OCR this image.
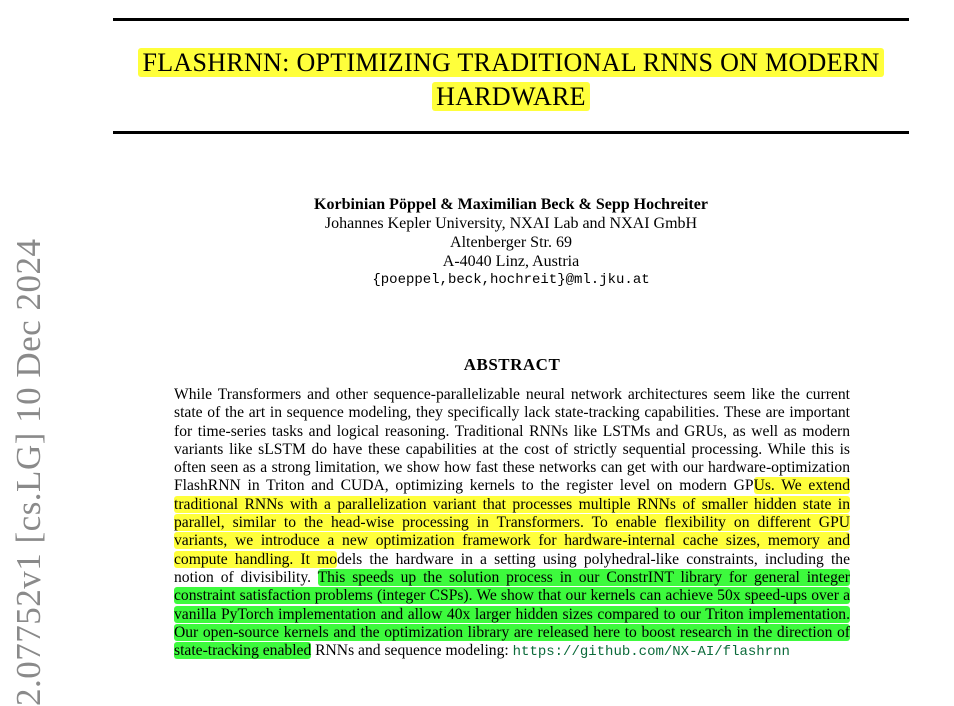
FLASHRNN: OPTIMIZING TRADITIONAL RNNS ON MODERN
HARDWARE
2.07752v1 [cs.LG] 10 Dec 2024
Korbinian Pöppel & Maximilian Beck & Sepp Hochreiter
Johannes Kepler University, NXAI Lab and NXAI GmbH
Altenberger Str. 69
A-4040 Linz, Austria
{poeppel,beck,hochreit}@ml.jku.at
ABSTRACT
While Transformers and other sequence-parallelizable neural network architectures seem like the current state of the art in sequence modeling, they specifically lack state-tracking capabilities. These are important for time-series tasks and logical reasoning. Traditional RNNs like LSTMs and GRUs, as well as modern variants like sLSTM do have these capabilities at the cost of strictly sequential processing. While this is often seen as a strong limitation, we show how fast these networks can get with our hardware-optimization FlashRNN in Triton and CUDA, optimizing kernels to the register level on modern GPUs. We extend traditional RNNs with a parallelization variant that processes multiple RNNs of smaller hidden state in parallel, similar to the head-wise processing in Transformers. To enable flexibility on different GPU variants, we introduce a new optimization framework for hardware-internal cache sizes, memory and compute handling. It models the hardware in a setting using polyhedral-like constraints, including the notion of divisibility. This speeds up the solution process in our ConstrINT library for general integer constraint satisfaction problems (integer CSPs). We show that our kernels can achieve 50x speed-ups over a vanilla PyTorch implementation and allow 40x larger hidden sizes compared to our Triton implementation. Our open-source kernels and the optimization library are released here to boost research in the direction of state-tracking enabled RNNs and sequence modeling: https://github.com/NX-AI/flashrnn
